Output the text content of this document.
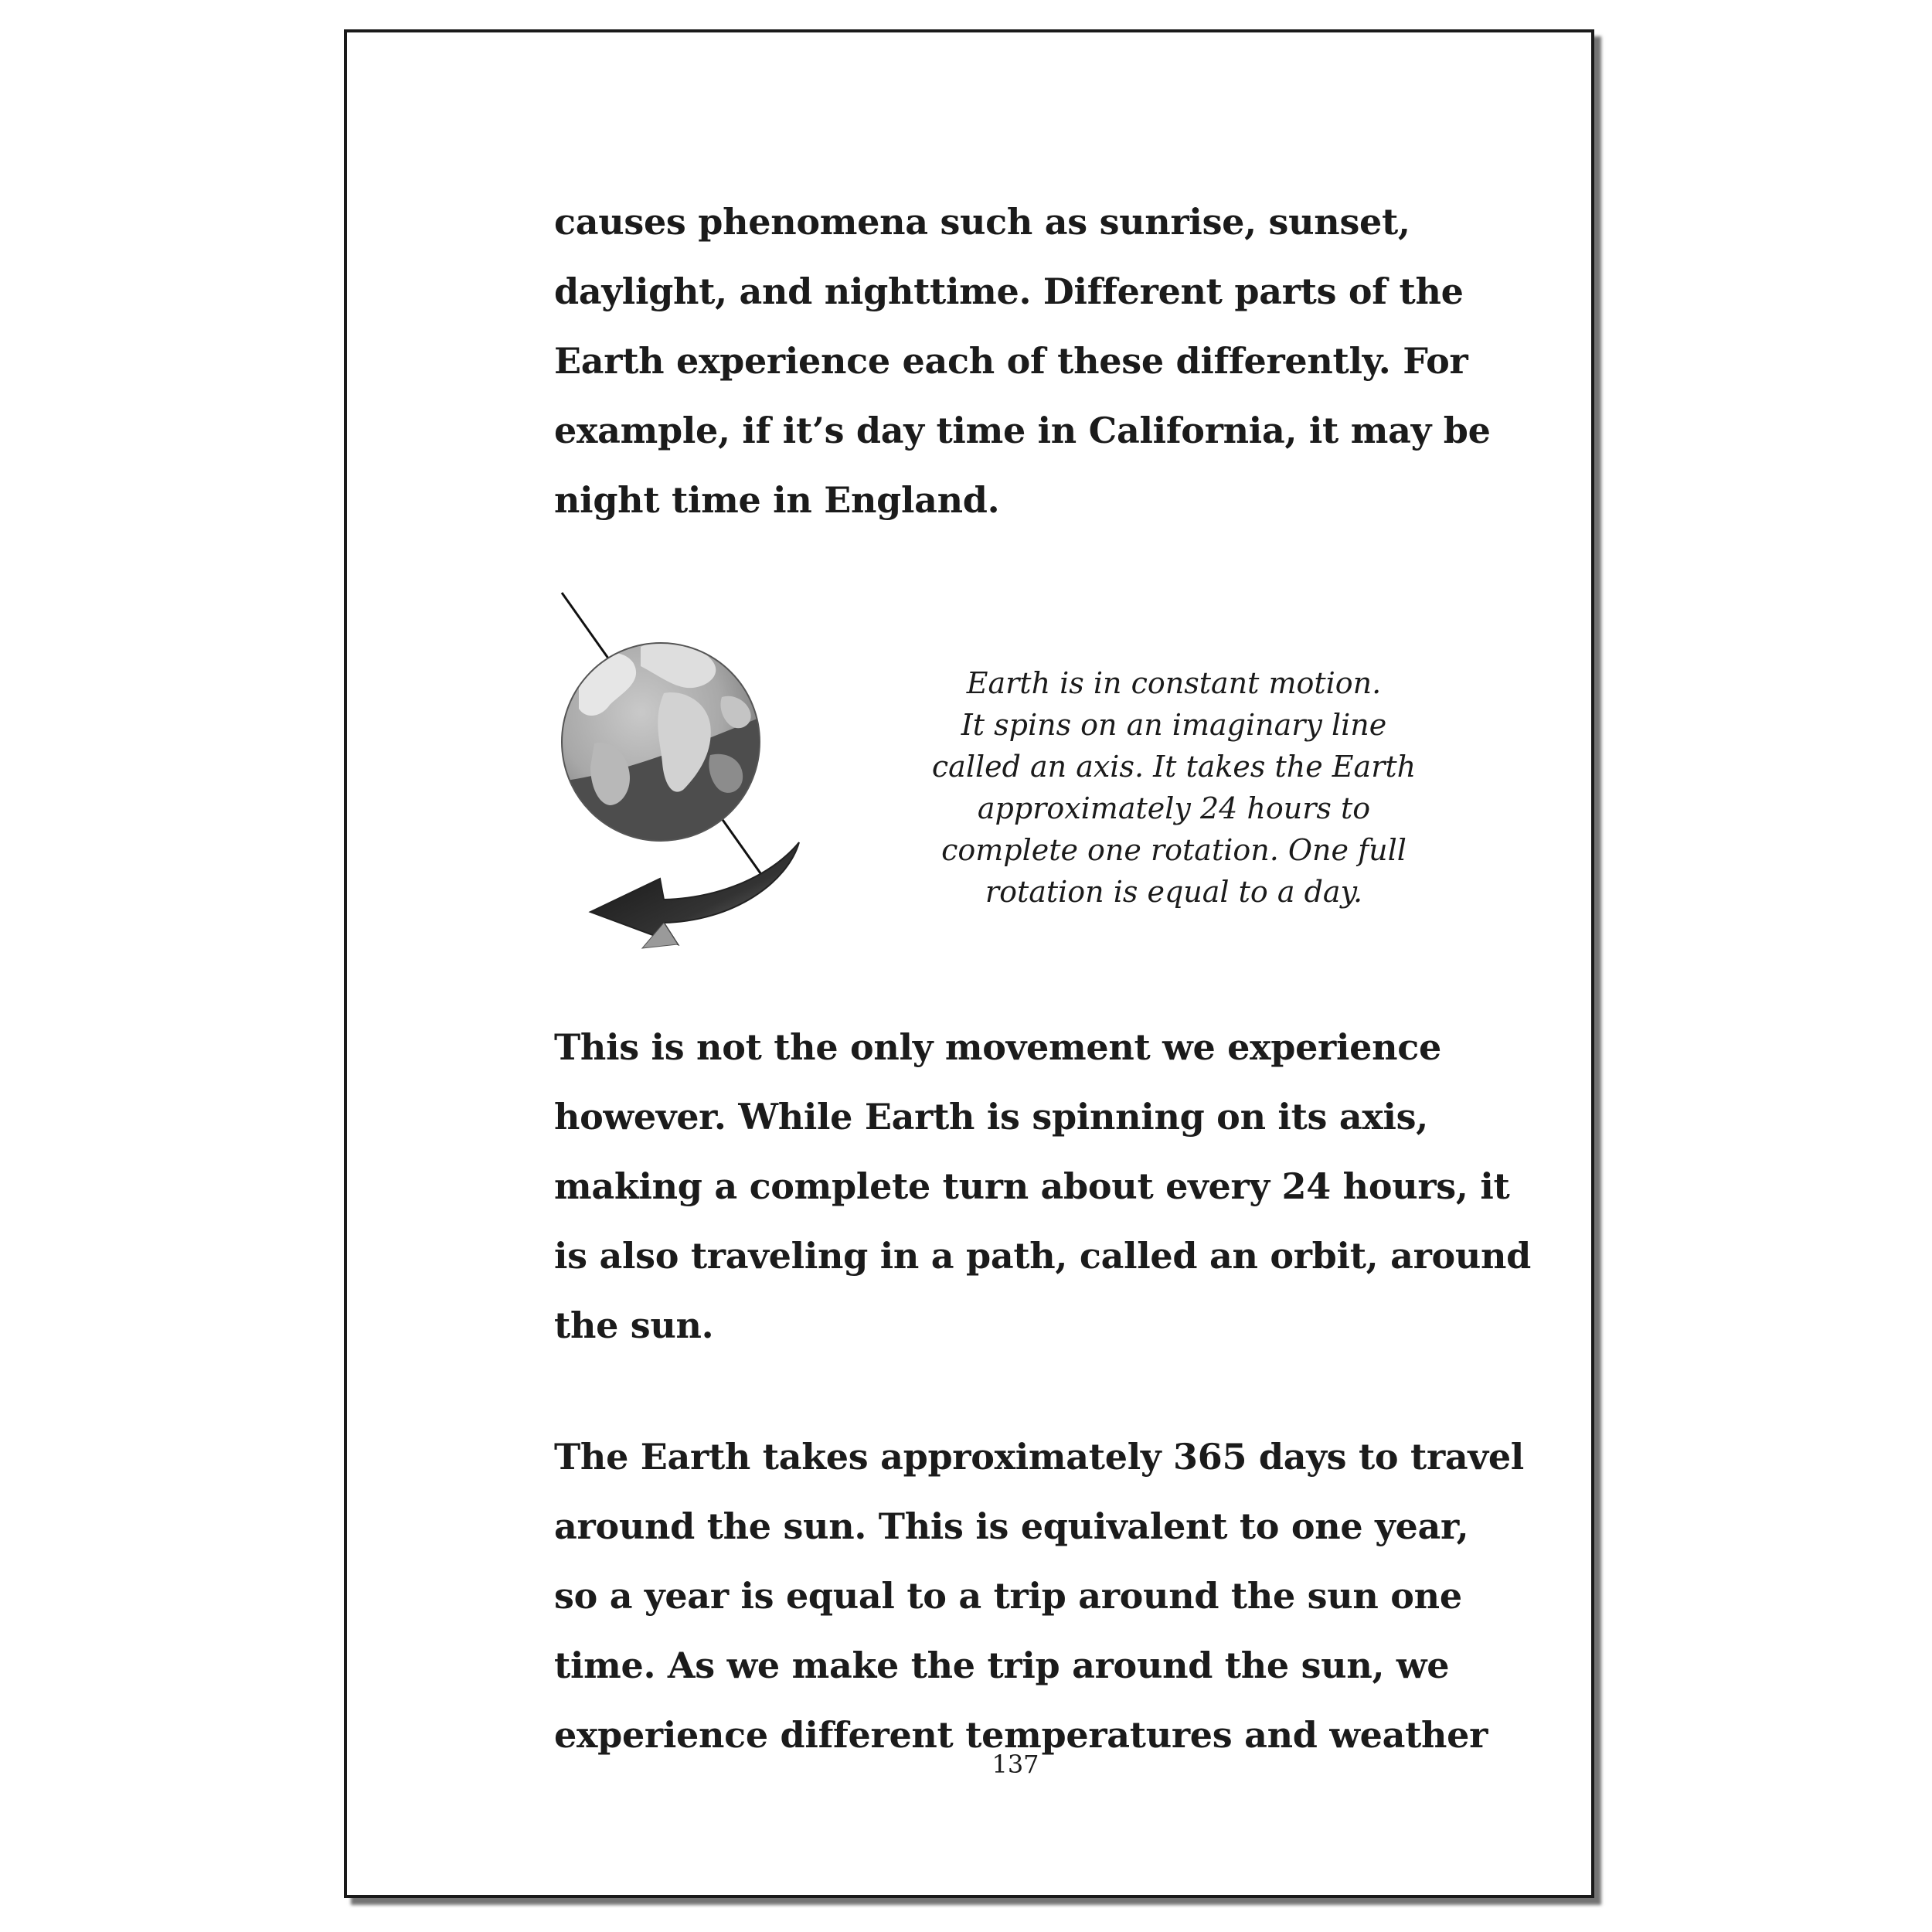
causes phenomena such as sunrise, sunset,
daylight, and nighttime. Different parts of the
Earth experience each of these differently. For
example, if it’s day time in California, it may be
night time in England.

Earth is in constant motion.
It spins on an imaginary line
called an axis. It takes the Earth
approximately 24 hours to
complete one rotation. One full
rotation is equal to a day.

This is not the only movement we experience
however. While Earth is spinning on its axis,
making a complete turn about every 24 hours, it
is also traveling in a path, called an orbit, around
the sun.

The Earth takes approximately 365 days to travel
around the sun. This is equivalent to one year,
so a year is equal to a trip around the sun one
time. As we make the trip around the sun, we
experience different temperatures and weather

137
